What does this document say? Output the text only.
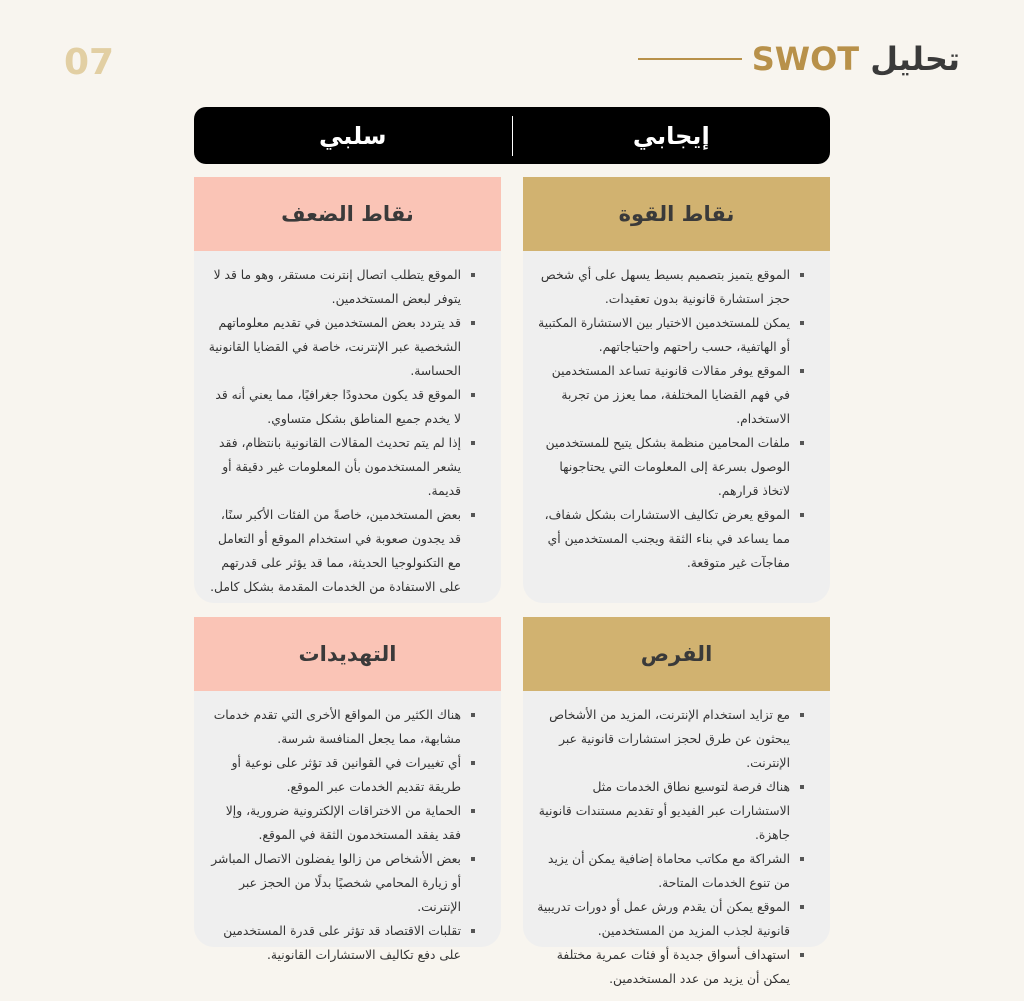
07	تحليل SWOT
إيجابي
سلبي
نقاط القوة
الموقع يتميز بتصميم بسيط يسهل على أي شخص حجز استشارة قانونية بدون تعقيدات.
يمكن للمستخدمين الاختيار بين الاستشارة المكتبية أو الهاتفية، حسب راحتهم واحتياجاتهم.
الموقع يوفر مقالات قانونية تساعد المستخدمين في فهم القضايا المختلفة، مما يعزز من تجربة الاستخدام.
ملفات المحامين منظمة بشكل يتيح للمستخدمين الوصول بسرعة إلى المعلومات التي يحتاجونها لاتخاذ قرارهم.
الموقع يعرض تكاليف الاستشارات بشكل شفاف، مما يساعد في بناء الثقة ويجنب المستخدمين أي مفاجآت غير متوقعة.
نقاط الضعف
الموقع يتطلب اتصال إنترنت مستقر، وهو ما قد لا يتوفر لبعض المستخدمين.
قد يتردد بعض المستخدمين في تقديم معلوماتهم الشخصية عبر الإنترنت، خاصة في القضايا القانونية الحساسة.
الموقع قد يكون محدودًا جغرافيًا، مما يعني أنه قد لا يخدم جميع المناطق بشكل متساوي.
إذا لم يتم تحديث المقالات القانونية بانتظام، فقد يشعر المستخدمون بأن المعلومات غير دقيقة أو قديمة.
بعض المستخدمين، خاصةً من الفئات الأكبر سنًا، قد يجدون صعوبة في استخدام الموقع أو التعامل مع التكنولوجيا الحديثة، مما قد يؤثر على قدرتهم على الاستفادة من الخدمات المقدمة بشكل كامل.
الفرص
مع تزايد استخدام الإنترنت، المزيد من الأشخاص يبحثون عن طرق لحجز استشارات قانونية عبر الإنترنت.
هناك فرصة لتوسيع نطاق الخدمات مثل الاستشارات عبر الفيديو أو تقديم مستندات قانونية جاهزة.
الشراكة مع مكاتب محاماة إضافية يمكن أن يزيد من تنوع الخدمات المتاحة.
الموقع يمكن أن يقدم ورش عمل أو دورات تدريبية قانونية لجذب المزيد من المستخدمين.
استهداف أسواق جديدة أو فئات عمرية مختلفة يمكن أن يزيد من عدد المستخدمين.
التهديدات
هناك الكثير من المواقع الأخرى التي تقدم خدمات مشابهة، مما يجعل المنافسة شرسة.
أي تغييرات في القوانين قد تؤثر على نوعية أو طريقة تقديم الخدمات عبر الموقع.
الحماية من الاختراقات الإلكترونية ضرورية، وإلا فقد يفقد المستخدمون الثقة في الموقع.
بعض الأشخاص من زالوا يفضلون الاتصال المباشر أو زيارة المحامي شخصيًا بدلًا من الحجز عبر الإنترنت.
تقلبات الاقتصاد قد تؤثر على قدرة المستخدمين على دفع تكاليف الاستشارات القانونية.
